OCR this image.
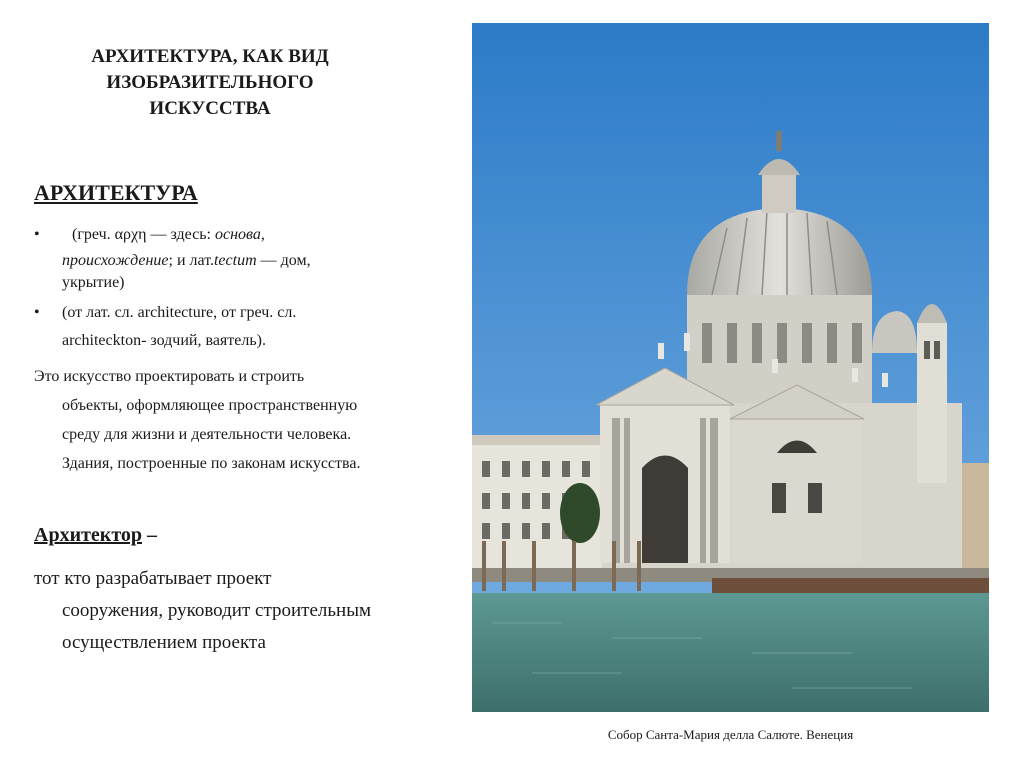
АРХИТЕКТУРА, КАК ВИД
ИЗОБРАЗИТЕЛЬНОГО
ИСКУССТВА
АРХИТЕКТУРА
•	(греч. αρχη — здесь: основа,
происхождение; и лат.tectum — дом,
укрытие)
• (от лат. сл. architecture, от греч. сл.
architeckton- зодчий, ваятель).
Это искусство проектировать и строить
объекты, оформляющее пространственную
среду для жизни и деятельности человека.
Здания, построенные по законам искусства.
Архитектор –
тот кто разрабатывает проект
сооружения, руководит строительным
осуществлением проекта
Собор Санта-Мария делла Салюте. Венеция
